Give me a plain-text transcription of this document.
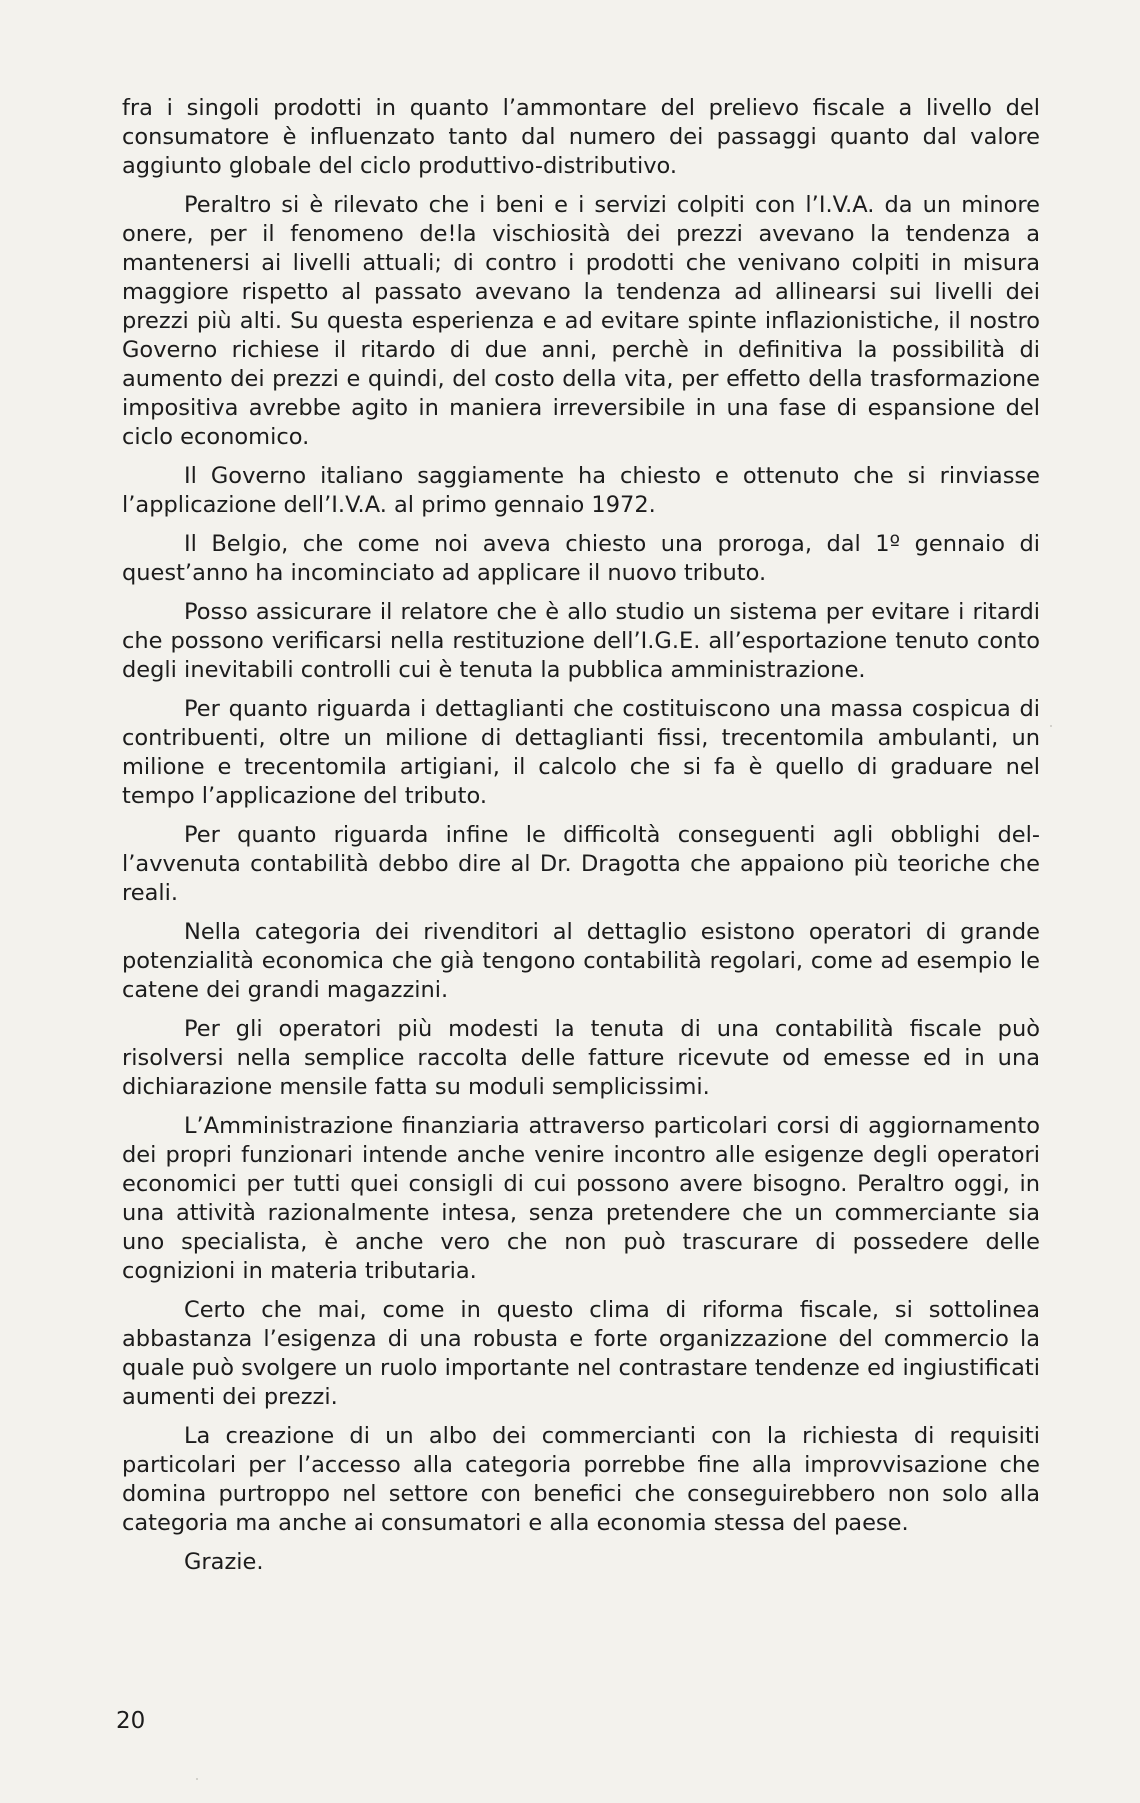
fra i singoli prodotti in quanto l’ammontare del prelievo fiscale a livello del consumatore è influenzato tanto dal numero dei passaggi quanto dal valore aggiunto globale del ciclo produttivo-distributivo.

Peraltro si è rilevato che i beni e i servizi colpiti con l’I.V.A. da un minore onere, per il fenomeno de!la vischiosità dei prezzi avevano la tendenza a mantenersi ai livelli attuali; di contro i prodotti che venivano colpiti in misura maggiore rispetto al passato avevano la tendenza ad allinearsi sui livelli dei prezzi più alti. Su questa esperienza e ad evitare spinte inflazionistiche, il nostro Governo richiese il ritardo di due anni, perchè in definitiva la possibilità di aumento dei prezzi e quindi, del costo della vita, per effetto della trasformazione impositiva avrebbe agito in maniera irreversibile in una fase di espansione del ciclo economico.

Il Governo italiano saggiamente ha chiesto e ottenuto che si rinviasse l’applicazione dell’I.V.A. al primo gennaio 1972.

Il Belgio, che come noi aveva chiesto una proroga, dal 1º gennaio di quest’anno ha incominciato ad applicare il nuovo tributo.

Posso assicurare il relatore che è allo studio un sistema per evitare i ritardi che possono verificarsi nella restituzione dell’I.G.E. all’esportazione tenuto conto degli inevitabili controlli cui è tenuta la pubblica amministrazione.

Per quanto riguarda i dettaglianti che costituiscono una massa cospicua di contribuenti, oltre un milione di dettaglianti fissi, trecentomila ambulanti, un milione e trecentomila artigiani, il calcolo che si fa è quello di graduare nel tempo l’applicazione del tributo.

Per quanto riguarda infine le difficoltà conseguenti agli obblighi dell’avvenuta contabilità debbo dire al Dr. Dragotta che appaiono più teoriche che reali.

Nella categoria dei rivenditori al dettaglio esistono operatori di grande potenzialità economica che già tengono contabilità regolari, come ad esempio le catene dei grandi magazzini.

Per gli operatori più modesti la tenuta di una contabilità fiscale può risolversi nella semplice raccolta delle fatture ricevute od emesse ed in una dichiarazione mensile fatta su moduli semplicissimi.

L’Amministrazione finanziaria attraverso particolari corsi di aggiornamento dei propri funzionari intende anche venire incontro alle esigenze degli operatori economici per tutti quei consigli di cui possono avere bisogno. Peraltro oggi, in una attività razionalmente intesa, senza pretendere che un commerciante sia uno specialista, è anche vero che non può trascurare di possedere delle cognizioni in materia tributaria.

Certo che mai, come in questo clima di riforma fiscale, si sottolinea abbastanza l’esigenza di una robusta e forte organizzazione del commercio la quale può svolgere un ruolo importante nel contrastare tendenze ed ingiustificati aumenti dei prezzi.

La creazione di un albo dei commercianti con la richiesta di requisiti particolari per l’accesso alla categoria porrebbe fine alla improvvisazione che domina purtroppo nel settore con benefici che conseguirebbero non solo alla categoria ma anche ai consumatori e alla economia stessa del paese.

Grazie.

20
